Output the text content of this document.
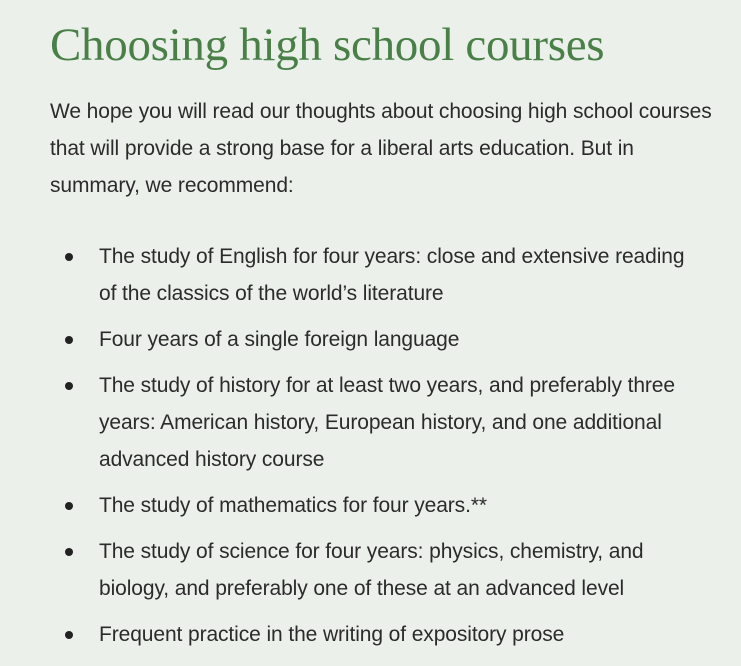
Choosing high school courses

We hope you will read our thoughts about choosing high school courses that will provide a strong base for a liberal arts education. But in summary, we recommend:

The study of English for four years: close and extensive reading of the classics of the world’s literature
Four years of a single foreign language
The study of history for at least two years, and preferably three years: American history, European history, and one additional advanced history course
The study of mathematics for four years.**
The study of science for four years: physics, chemistry, and biology, and preferably one of these at an advanced level
Frequent practice in the writing of expository prose
